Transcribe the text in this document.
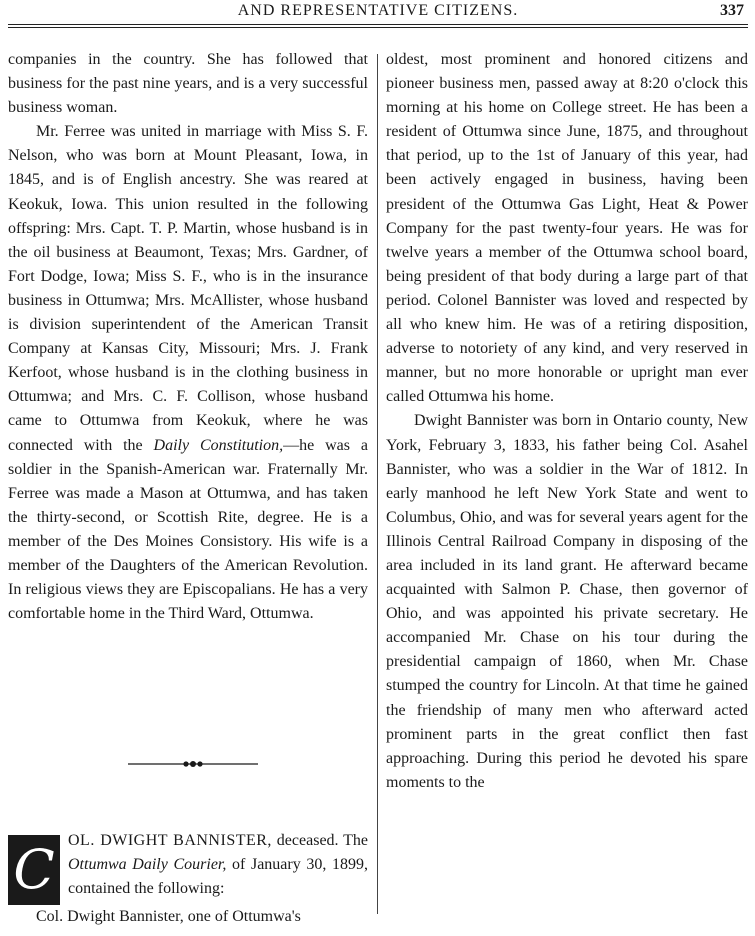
AND REPRESENTATIVE CITIZENS.	337

companies in the country. She has followed that business for the past nine years, and is a very successful business woman.

Mr. Ferree was united in marriage with Miss S. F. Nelson, who was born at Mount Pleasant, Iowa, in 1845, and is of English ancestry. She was reared at Keokuk, Iowa. This union resulted in the following offspring: Mrs. Capt. T. P. Martin, whose husband is in the oil business at Beaumont, Texas; Mrs. Gardner, of Fort Dodge, Iowa; Miss S. F., who is in the insurance business in Ottumwa; Mrs. McAllister, whose husband is division superintendent of the American Transit Company at Kansas City, Missouri; Mrs. J. Frank Kerfoot, whose husband is in the clothing business in Ottumwa; and Mrs. C. F. Collison, whose husband came to Ottumwa from Keokuk, where he was connected with the Daily Constitution,—he was a soldier in the Spanish-American war. Fraternally Mr. Ferree was made a Mason at Ottumwa, and has taken the thirty-second, or Scottish Rite, degree. He is a member of the Des Moines Consistory. His wife is a member of the Daughters of the American Revolution. In religious views they are Episcopalians. He has a very comfortable home in the Third Ward, Ottumwa.

C OL. DWIGHT BANNISTER, deceased. The Ottumwa Daily Courier, of January 30, 1899, contained the following:
Col. Dwight Bannister, one of Ottumwa's

oldest, most prominent and honored citizens and pioneer business men, passed away at 8:20 o'clock this morning at his home on College street. He has been a resident of Ottumwa since June, 1875, and throughout that period, up to the 1st of January of this year, had been actively engaged in business, having been president of the Ottumwa Gas Light, Heat & Power Company for the past twenty-four years. He was for twelve years a member of the Ottumwa school board, being president of that body during a large part of that period. Colonel Bannister was loved and respected by all who knew him. He was of a retiring disposition, adverse to notoriety of any kind, and very reserved in manner, but no more honorable or upright man ever called Ottumwa his home.

Dwight Bannister was born in Ontario county, New York, February 3, 1833, his father being Col. Asahel Bannister, who was a soldier in the War of 1812. In early manhood he left New York State and went to Columbus, Ohio, and was for several years agent for the Illinois Central Railroad Company in disposing of the area included in its land grant. He afterward became acquainted with Salmon P. Chase, then governor of Ohio, and was appointed his private secretary. He accompanied Mr. Chase on his tour during the presidential campaign of 1860, when Mr. Chase stumped the country for Lincoln. At that time he gained the friendship of many men who afterward acted prominent parts in the great conflict then fast approaching. During this period he devoted his spare moments to the
